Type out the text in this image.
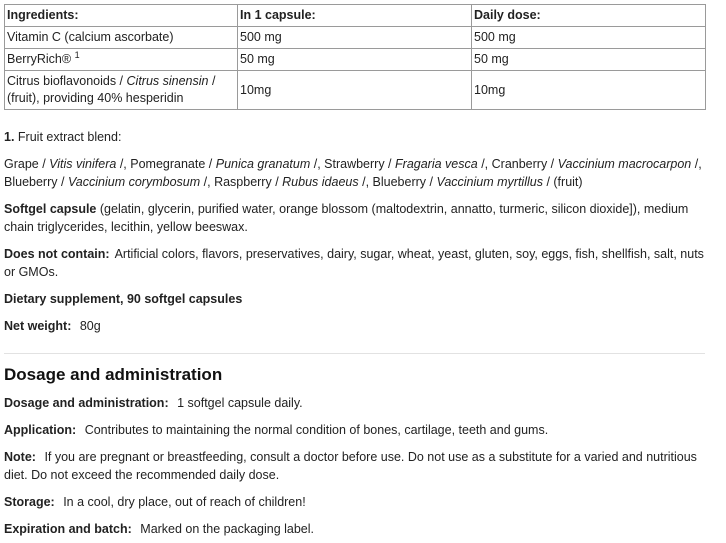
Ingredients:	In 1 capsule:	Daily dose:
Vitamin C (calcium ascorbate)	500 mg	500 mg
BerryRich® $^1$	50 mg	50 mg
Citrus bioflavonoids / Citrus sinensin / (fruit), providing 40% hesperidin	10mg	10mg

1. Fruit extract blend:

Grape / Vitis vinifera /, Pomegranate / Punica granatum /, Strawberry / Fragaria vesca /, Cranberry / Vaccinium macrocarpon /, Blueberry / Vaccinium corymbosum /, Raspberry / Rubus idaeus /, Blueberry / Vaccinium myrtillus / (fruit)

Softgel capsule (gelatin, glycerin, purified water, orange blossom (maltodextrin, annatto, turmeric, silicon dioxide]), medium chain triglycerides, lecithin, yellow beeswax.

Does not contain: Artificial colors, flavors, preservatives, dairy, sugar, wheat, yeast, gluten, soy, eggs, fish, shellfish, salt, nuts or GMOs.

Dietary supplement, 90 softgel capsules

Net weight: 80g

Dosage and administration

Dosage and administration: 1 softgel capsule daily.

Application: Contributes to maintaining the normal condition of bones, cartilage, teeth and gums.

Note: If you are pregnant or breastfeeding, consult a doctor before use. Do not use as a substitute for a varied and nutritious diet. Do not exceed the recommended daily dose.

Storage: In a cool, dry place, out of reach of children!

Expiration and batch: Marked on the packaging label.
